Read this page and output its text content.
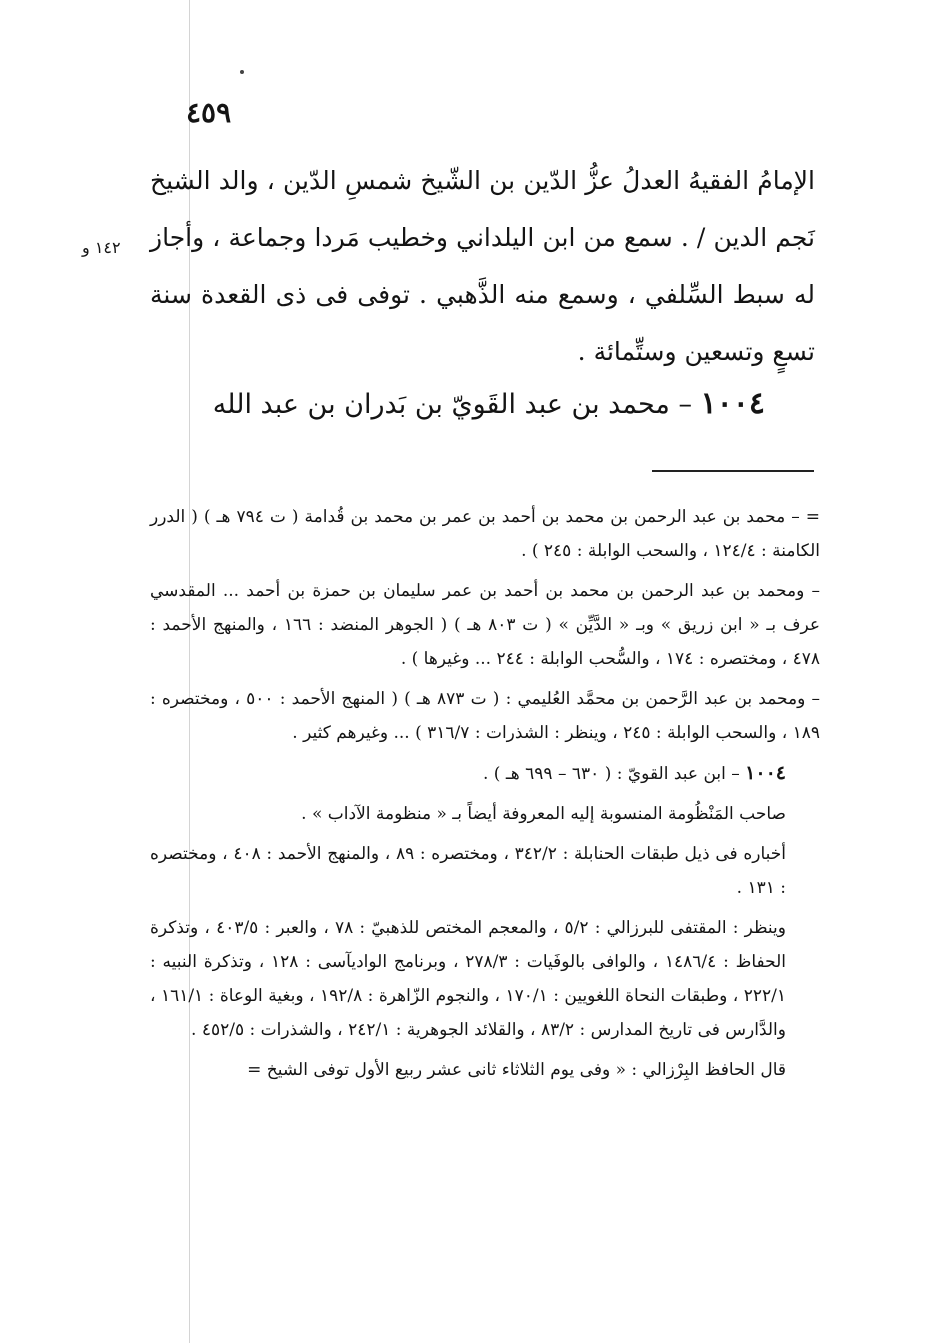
٤٥٩

الإمامُ الفقيهُ العدلُ عزُّ الدّين بن الشّيخ شمسِ الدّين ، والد الشيخ نَجم الدين / . سمع من ابن اليلداني وخطيب مَردا وجماعة ، وأجاز له سبط السِّلفي ، وسمع منه الذَّهبي . توفى فى ذى القعدة سنة تسعٍ وتسعين وستِّمائة .

١٤٢ و
١٠٠٤ – محمد بن عبد القَويّ بن بَدران بن عبد الله

= – محمد بن عبد الرحمن بن محمد بن أحمد بن عمر بن محمد بن قُدامة ( ت ٧٩٤ هـ ) ( الدرر الكامنة : ١٢٤/٤ ، والسحب الوابلة : ٢٤٥ ) .

– ومحمد بن عبد الرحمن بن محمد بن أحمد بن عمر سليمان بن حمزة بن أحمد ... المقدسي عرف بـ « ابن زريق » وبـ « الدَّيِّن » ( ت ٨٠٣ هـ ) ( الجوهر المنضد : ١٦٦ ، والمنهج الأحمد : ٤٧٨ ، ومختصره : ١٧٤ ، والسُّحب الوابلة : ٢٤٤ ... وغيرها ) .

– ومحمد بن عبد الرَّحمن بن محمَّد العُليمي : ( ت ٨٧٣ هـ ) ( المنهج الأحمد : ٥٠٠ ، ومختصره : ١٨٩ ، والسحب الوابلة : ٢٤٥ ، وينظر : الشذرات : ٣١٦/٧ ) ... وغيرهم كثير .

١٠٠٤ – ابن عبد القويّ : ( ٦٣٠ – ٦٩٩ هـ ) .

صاحب المَنْظُومة المنسوبة إليه المعروفة أيضاً بـ « منظومة الآداب » .

أخباره فى ذيل طبقات الحنابلة : ٣٤٢/٢ ، ومختصره : ٨٩ ، والمنهج الأحمد : ٤٠٨ ، ومختصره : ١٣١ .

وينظر : المقتفى للبرزالي : ٥/٢ ، والمعجم المختص للذهبيّ : ٧٨ ، والعبر : ٤٠٣/٥ ، وتذكرة الحفاظ : ١٤٨٦/٤ ، والوافى بالوفَيات : ٢٧٨/٣ ، وبرنامج الواديآسى : ١٢٨ ، وتذكرة النبيه : ٢٢٢/١ ، وطبقات النحاة اللغويين : ١٧٠/١ ، والنجوم الزّاهرة : ١٩٢/٨ ، وبغية الوعاة : ١٦١/١ ، والدَّارس فى تاريخ المدارس : ٨٣/٢ ، والقلائد الجوهرية : ٢٤٢/١ ، والشذرات : ٤٥٢/٥ .

قال الحافظ البِرْزالي : « وفى يوم الثلاثاء ثانى عشر ربيع الأول توفى الشيخ =
